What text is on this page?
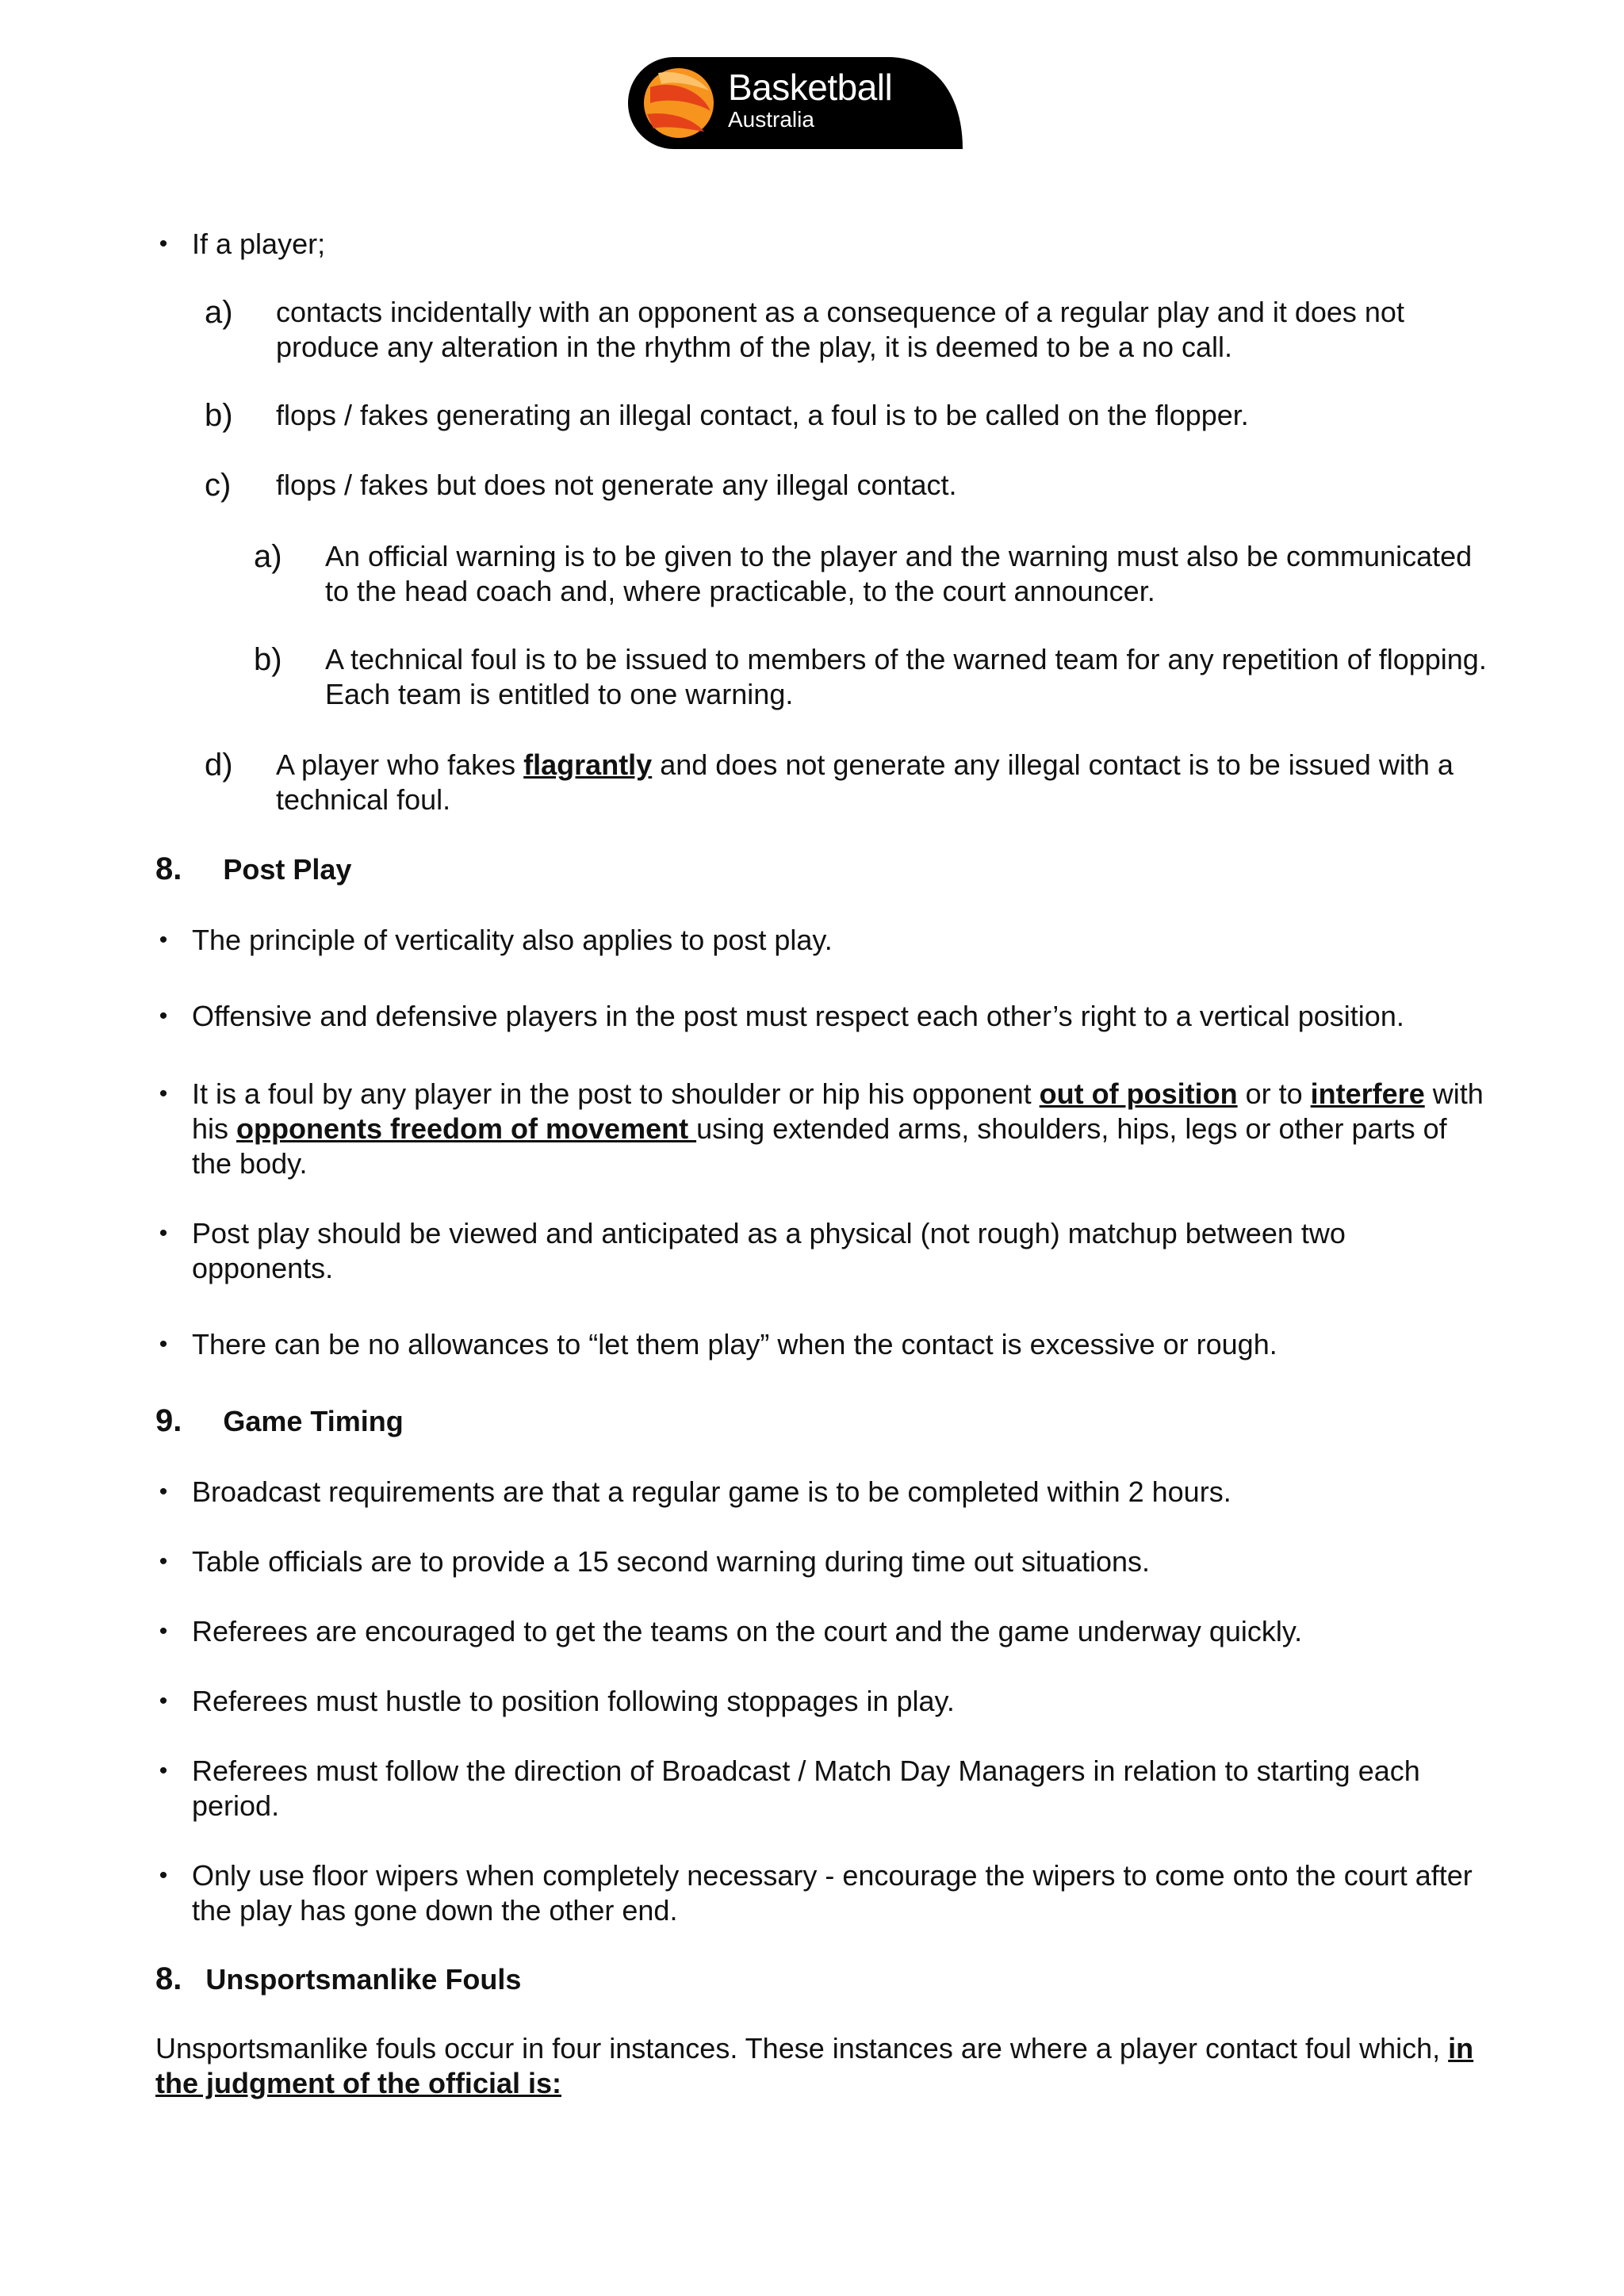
Basketball
Australia
• If a player;
a) contacts incidentally with an opponent as a consequence of a regular play and it does not produce any alteration in the rhythm of the play, it is deemed to be a no call.
b) flops / fakes generating an illegal contact, a foul is to be called on the flopper.
c) flops / fakes but does not generate any illegal contact.
a) An official warning is to be given to the player and the warning must also be communicated to the head coach and, where practicable, to the court announcer.
b) A technical foul is to be issued to members of the warned team for any repetition of flopping. Each team is entitled to one warning.
d) A player who fakes flagrantly and does not generate any illegal contact is to be issued with a technical foul.
8. Post Play
• The principle of verticality also applies to post play.
• Offensive and defensive players in the post must respect each other’s right to a vertical position.
• It is a foul by any player in the post to shoulder or hip his opponent out of position or to interfere with his opponents freedom of movement using extended arms, shoulders, hips, legs or other parts of the body.
• Post play should be viewed and anticipated as a physical (not rough) matchup between two opponents.
• There can be no allowances to “let them play” when the contact is excessive or rough.
9. Game Timing
• Broadcast requirements are that a regular game is to be completed within 2 hours.
• Table officials are to provide a 15 second warning during time out situations.
• Referees are encouraged to get the teams on the court and the game underway quickly.
• Referees must hustle to position following stoppages in play.
• Referees must follow the direction of Broadcast / Match Day Managers in relation to starting each period.
• Only use floor wipers when completely necessary - encourage the wipers to come onto the court after the play has gone down the other end.
8. Unsportsmanlike Fouls
Unsportsmanlike fouls occur in four instances. These instances are where a player contact foul which, in the judgment of the official is:
